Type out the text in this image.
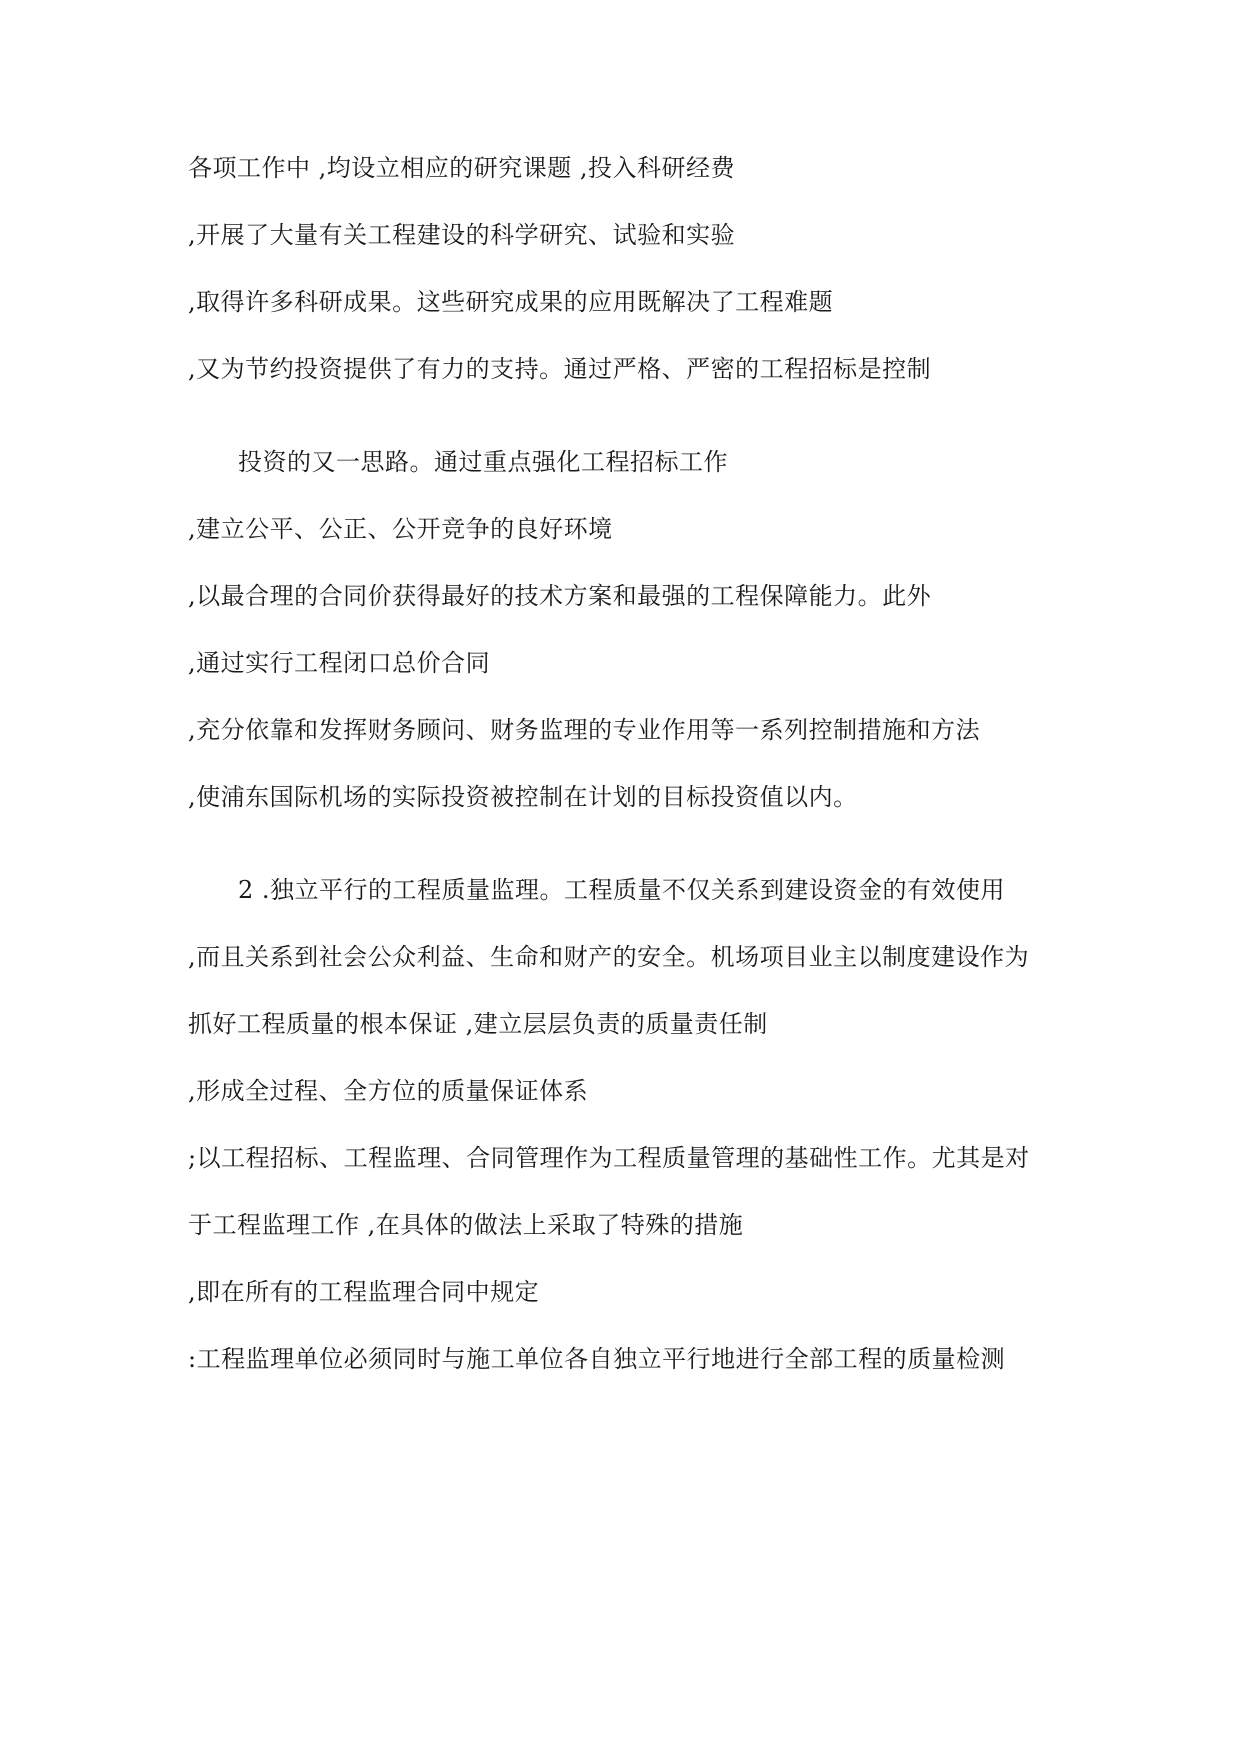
各项工作中 ,均设立相应的研究课题 ,投入科研经费
,开展了大量有关工程建设的科学研究、试验和实验
,取得许多科研成果。这些研究成果的应用既解决了工程难题
,又为节约投资提供了有力的支持。通过严格、严密的工程招标是控制
投资的又一思路。通过重点强化工程招标工作
,建立公平、公正、公开竞争的良好环境
,以最合理的合同价获得最好的技术方案和最强的工程保障能力。此外
,通过实行工程闭口总价合同
,充分依靠和发挥财务顾问、财务监理的专业作用等一系列控制措施和方法
,使浦东国际机场的实际投资被控制在计划的目标投资值以内。
2 .独立平行的工程质量监理。工程质量不仅关系到建设资金的有效使用
,而且关系到社会公众利益、生命和财产的安全。机场项目业主以制度建设作为
抓好工程质量的根本保证 ,建立层层负责的质量责任制
,形成全过程、全方位的质量保证体系
;以工程招标、工程监理、合同管理作为工程质量管理的基础性工作。尤其是对
于工程监理工作 ,在具体的做法上采取了特殊的措施
,即在所有的工程监理合同中规定
:工程监理单位必须同时与施工单位各自独立平行地进行全部工程的质量检测
